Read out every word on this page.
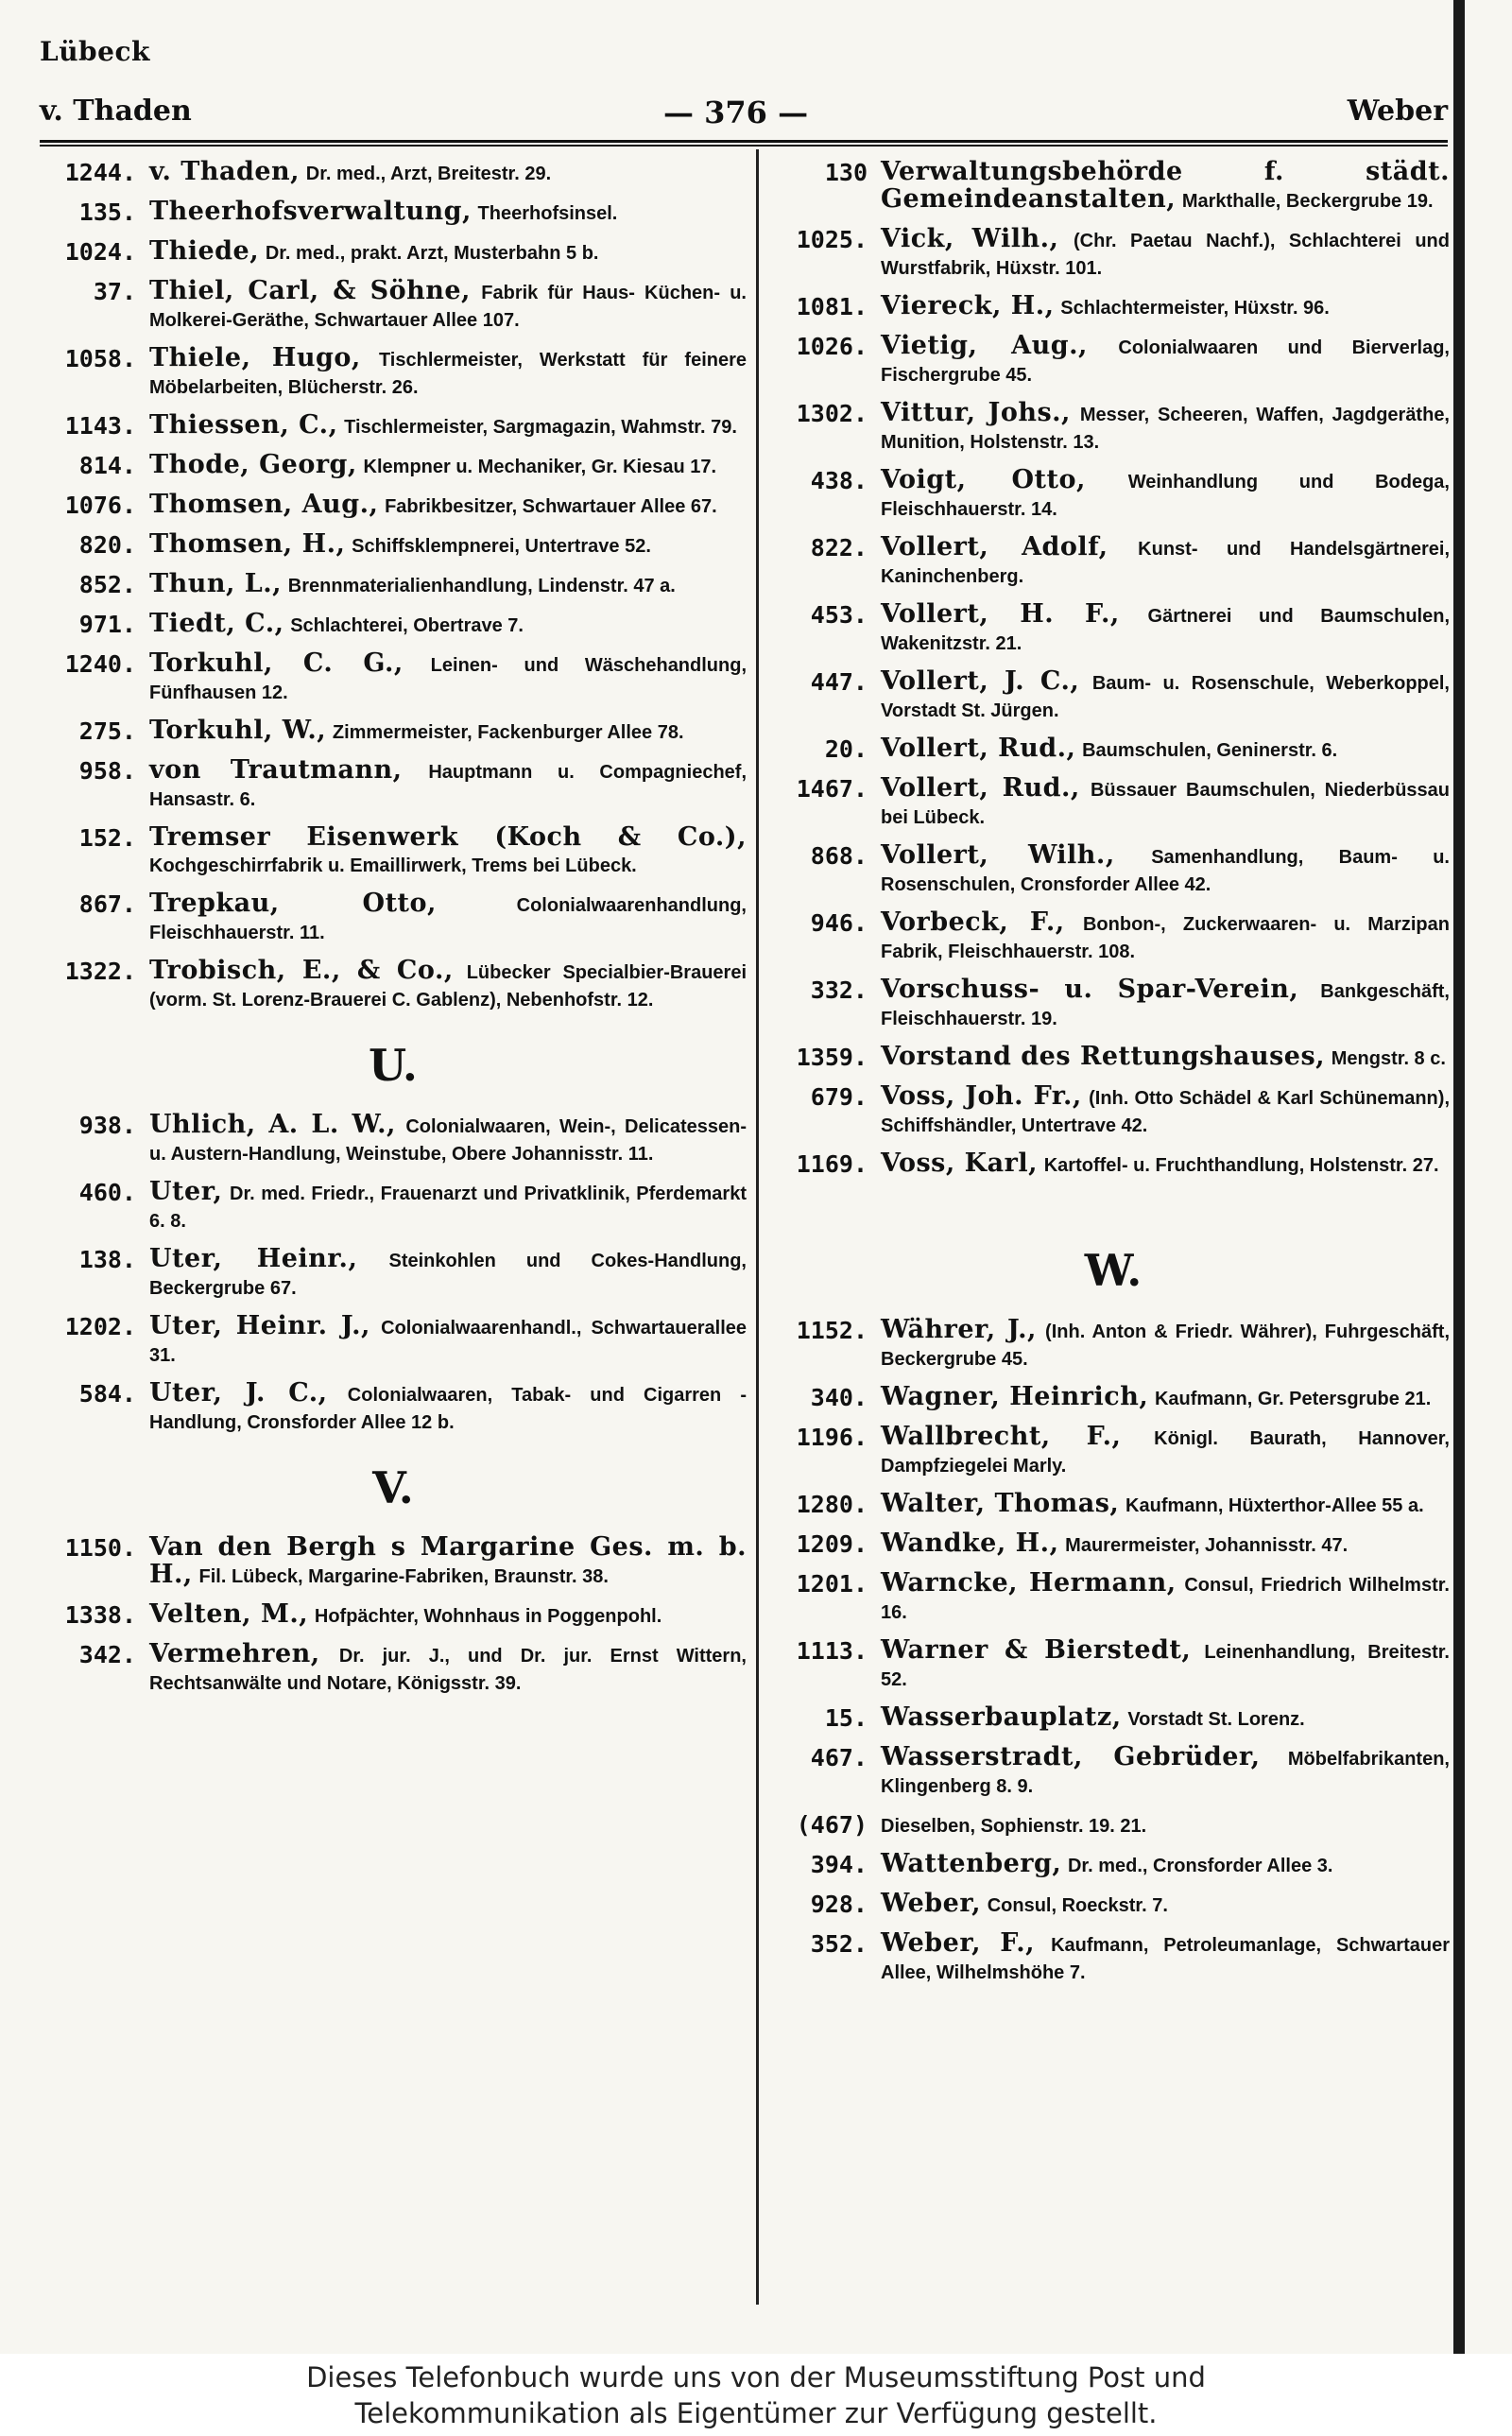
Lübeck
v. Thaden	— 376 —	Weber
1244. v. Thaden, Dr. med., Arzt, Breitestr. 29.
135. Theerhofsverwaltung, Theerhofsinsel.
1024. Thiede, Dr. med., prakt. Arzt, Musterbahn 5 b.
37. Thiel, Carl, & Söhne, Fabrik für Haus- Küchen- u. Molkerei-Geräthe, Schwartauer Allee 107.
1058. Thiele, Hugo, Tischlermeister, Werkstatt für feinere Möbelarbeiten, Blücherstr. 26.
1143. Thiessen, C., Tischlermeister, Sargmagazin, Wahmstr. 79.
814. Thode, Georg, Klempner u. Mechaniker, Gr. Kiesau 17.
1076. Thomsen, Aug., Fabrikbesitzer, Schwartauer Allee 67.
820. Thomsen, H., Schiffsklempnerei, Untertrave 52.
852. Thun, L., Brennmaterialienhandlung, Lindenstr. 47 a.
971. Tiedt, C., Schlachterei, Obertrave 7.
1240. Torkuhl, C. G., Leinen- und Wäschehandlung, Fünfhausen 12.
275. Torkuhl, W., Zimmermeister, Fackenburger Allee 78.
958. von Trautmann, Hauptmann u. Compagniechef, Hansastr. 6.
152. Tremser Eisenwerk (Koch & Co.), Kochgeschirrfabrik u. Emaillirwerk, Trems bei Lübeck.
867. Trepkau, Otto,	Colonialwaarenhandlung, Fleischhauerstr. 11.
1322. Trobisch, E., & Co., Lübecker Specialbier-Brauerei (vorm. St. Lorenz-Brauerei C. Gablenz), Nebenhofstr. 12.
U.
938. Uhlich, A. L. W., Colonialwaaren, Wein-, Delicatessen- u. Austern-Handlung, Weinstube, Obere Johannisstr. 11.
460. Uter, Dr. med. Friedr., Frauenarzt und Privatklinik, Pferdemarkt 6. 8.
138. Uter, Heinr., Steinkohlen und Cokes-Handlung, Beckergrube 67.
1202. Uter, Heinr. J., Colonialwaarenhandl., Schwartauerallee 31.
584. Uter, J. C., Colonialwaaren, Tabak- und Cigarren - Handlung, Cronsforder Allee 12 b.
V.
1150. Van den Bergh s Margarine Ges. m. b. H., Fil. Lübeck, Margarine-Fabriken, Braunstr. 38.
1338. Velten, M., Hofpächter, Wohnhaus in Poggenpohl.
342. Vermehren, Dr. jur. J., und Dr. jur. Ernst Wittern, Rechtsanwälte und Notare, Königsstr. 39.
130 Verwaltungsbehörde f. städt. Gemeindeanstalten, Markthalle, Beckergrube 19.
1025. Vick, Wilh., (Chr. Paetau Nachf.), Schlachterei und Wurstfabrik, Hüxstr. 101.
1081. Viereck, H., Schlachtermeister, Hüxstr. 96.
1026. Vietig, Aug., Colonialwaaren und Bierverlag, Fischergrube 45.
1302. Vittur, Johs., Messer, Scheeren, Waffen, Jagdgeräthe, Munition, Holstenstr. 13.
438. Voigt, Otto, Weinhandlung und Bodega, Fleischhauerstr. 14.
822. Vollert, Adolf, Kunst- und Handelsgärtnerei, Kaninchenberg.
453. Vollert, H. F., Gärtnerei und Baumschulen, Wakenitzstr. 21.
447. Vollert, J. C., Baum- u. Rosenschule, Weberkoppel, Vorstadt St. Jürgen.
20. Vollert, Rud., Baumschulen, Geninerstr. 6.
1467. Vollert, Rud., Büssauer Baumschulen, Niederbüssau bei Lübeck.
868. Vollert, Wilh., Samenhandlung, Baum- u. Rosenschulen, Cronsforder Allee 42.
946. Vorbeck, F., Bonbon-, Zuckerwaaren- u. Marzipan Fabrik, Fleischhauerstr. 108.
332. Vorschuss- u. Spar-Verein, Bankgeschäft, Fleischhauerstr. 19.
1359. Vorstand des Rettungshauses, Mengstr. 8 c.
679. Voss, Joh. Fr., (Inh. Otto Schädel & Karl Schünemann), Schiffshändler, Untertrave 42.
1169. Voss, Karl, Kartoffel- u. Fruchthandlung, Holstenstr. 27.
W.
1152. Währer, J., (Inh. Anton & Friedr. Währer), Fuhrgeschäft, Beckergrube 45.
340. Wagner, Heinrich, Kaufmann, Gr. Petersgrube 21.
1196. Wallbrecht, F., Königl. Baurath, Hannover, Dampfziegelei Marly.
1280. Walter, Thomas, Kaufmann, Hüxterthor-Allee 55 a.
1209. Wandke, H., Maurermeister, Johannisstr. 47.
1201. Warncke, Hermann, Consul, Friedrich Wilhelmstr. 16.
1113. Warner & Bierstedt, Leinenhandlung, Breitestr. 52.
15. Wasserbauplatz, Vorstadt St. Lorenz.
467. Wasserstradt, Gebrüder, Möbelfabrikanten, Klingenberg 8. 9.
(467) Dieselben, Sophienstr. 19. 21.
394. Wattenberg, Dr. med., Cronsforder Allee 3.
928. Weber, Consul, Roeckstr. 7.
352. Weber, F., Kaufmann, Petroleumanlage, Schwartauer Allee, Wilhelmshöhe 7.
Dieses Telefonbuch wurde uns von der Museumsstiftung Post und
Telekommunikation als Eigentümer zur Verfügung gestellt.
